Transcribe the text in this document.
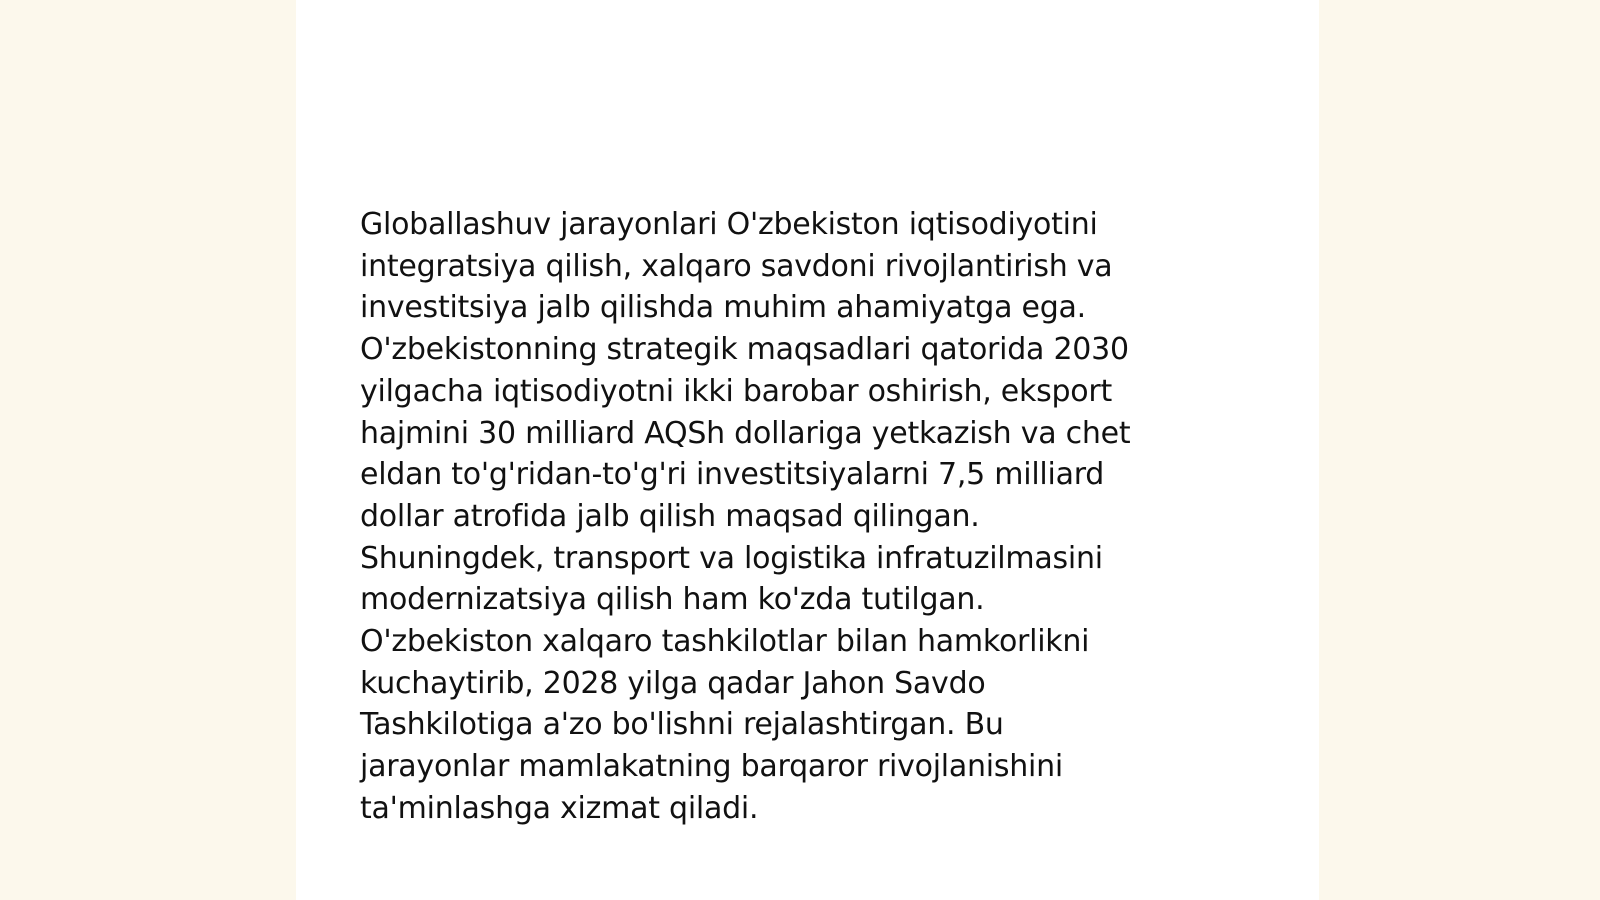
Globallashuv jarayonlari O'zbekiston iqtisodiyotini
integratsiya qilish, xalqaro savdoni rivojlantirish va
investitsiya jalb qilishda muhim ahamiyatga ega.
O'zbekistonning strategik maqsadlari qatorida 2030
yilgacha iqtisodiyotni ikki barobar oshirish, eksport
hajmini 30 milliard AQSh dollariga yetkazish va chet
eldan to'g'ridan-to'g'ri investitsiyalarni 7,5 milliard
dollar atrofida jalb qilish maqsad qilingan.
Shuningdek, transport va logistika infratuzilmasini
modernizatsiya qilish ham ko'zda tutilgan.
O'zbekiston xalqaro tashkilotlar bilan hamkorlikni
kuchaytirib, 2028 yilga qadar Jahon Savdo
Tashkilotiga a'zo bo'lishni rejalashtirgan. Bu
jarayonlar mamlakatning barqaror rivojlanishini
ta'minlashga xizmat qiladi.
